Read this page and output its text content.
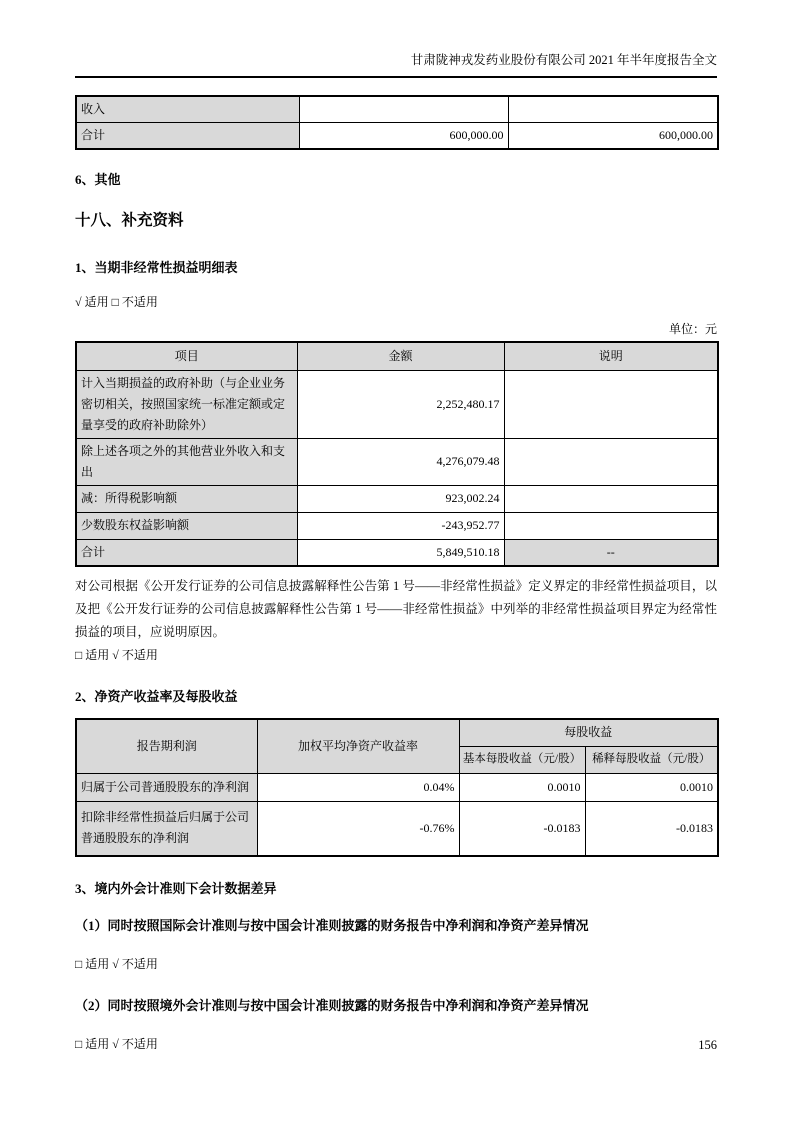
甘肃陇神戎发药业股份有限公司 2021 年半年度报告全文
收入		
合计	600,000.00	600,000.00
6、其他
十八、补充资料
1、当期非经常性损益明细表
√ 适用 □ 不适用
单位：元
项目	金额	说明
计入当期损益的政府补助（与企业业务密切相关，按照国家统一标准定额或定量享受的政府补助除外）	2,252,480.17	
除上述各项之外的其他营业外收入和支出	4,276,079.48	
减：所得税影响额	923,002.24	
少数股东权益影响额	-243,952.77	
合计	5,849,510.18	--

对公司根据《公开发行证券的公司信息披露解释性公告第 1 号——非经常性损益》定义界定的非经常性损益项目，以及把《公开发行证券的公司信息披露解释性公告第 1 号——非经常性损益》中列举的非经常性损益项目界定为经常性损益的项目，应说明原因。

□ 适用 √ 不适用
2、净资产收益率及每股收益
报告期利润	加权平均净资产收益率	每股收益	
		基本每股收益（元/股）	稀释每股收益（元/股）
归属于公司普通股股东的净利润	0.04%	0.0010	0.0010
扣除非经常性损益后归属于公司普通股股东的净利润	-0.76%	-0.0183	-0.0183
3、境内外会计准则下会计数据差异
（1）同时按照国际会计准则与按中国会计准则披露的财务报告中净利润和净资产差异情况
□ 适用 √ 不适用
（2）同时按照境外会计准则与按中国会计准则披露的财务报告中净利润和净资产差异情况
□ 适用 √ 不适用	156
